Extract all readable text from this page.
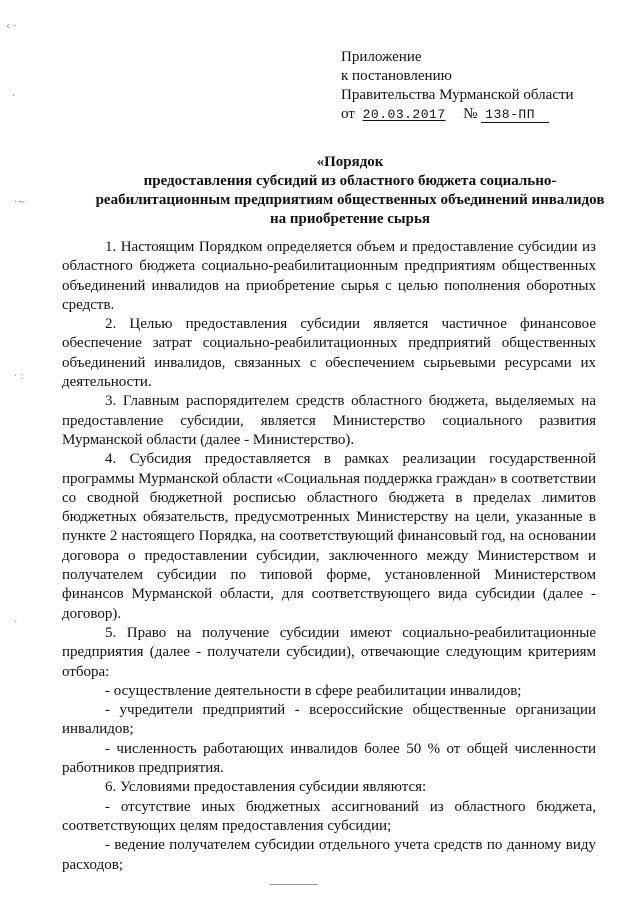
‹ ·
·
·~
· :
·
Приложение
к постановлению
Правительства Мурманской области
от 20.03.2017 № 138-ПП
«Порядок
предоставления субсидий из областного бюджета социально-
реабилитационным предприятиям общественных объединений инвалидов
на приобретение сырья

1. Настоящим Порядком определяется объем и предоставление субсидии из областного бюджета социально-реабилитационным предприятиям общественных объединений инвалидов на приобретение сырья с целью пополнения оборотных средств.

2. Целью предоставления субсидии является частичное финансовое обеспечение затрат социально-реабилитационных предприятий общественных объединений инвалидов, связанных с обеспечением сырьевыми ресурсами их деятельности.

3. Главным распорядителем средств областного бюджета, выделяемых на предоставление субсидии, является Министерство социального развития Мурманской области (далее - Министерство).

4. Субсидия предоставляется в рамках реализации государственной программы Мурманской области «Социальная поддержка граждан» в соответствии со сводной бюджетной росписью областного бюджета в пределах лимитов бюджетных обязательств, предусмотренных Министерству на цели, указанные в пункте 2 настоящего Порядка, на соответствующий финансовый год, на основании договора о предоставлении субсидии, заключенного между Министерством и получателем субсидии по типовой форме, установленной Министерством финансов Мурманской области, для соответствующего вида субсидии (далее - договор).

5. Право на получение субсидии имеют социально-реабилитационные предприятия (далее - получатели субсидии), отвечающие следующим критериям отбора:

- осуществление деятельности в сфере реабилитации инвалидов;

- учредители предприятий - всероссийские общественные организации инвалидов;

- численность работающих инвалидов более 50 % от общей численности работников предприятия.

6. Условиями предоставления субсидии являются:

- отсутствие иных бюджетных ассигнований из областного бюджета, соответствующих целям предоставления субсидии;

- ведение получателем субсидии отдельного учета средств по данному виду расходов;
